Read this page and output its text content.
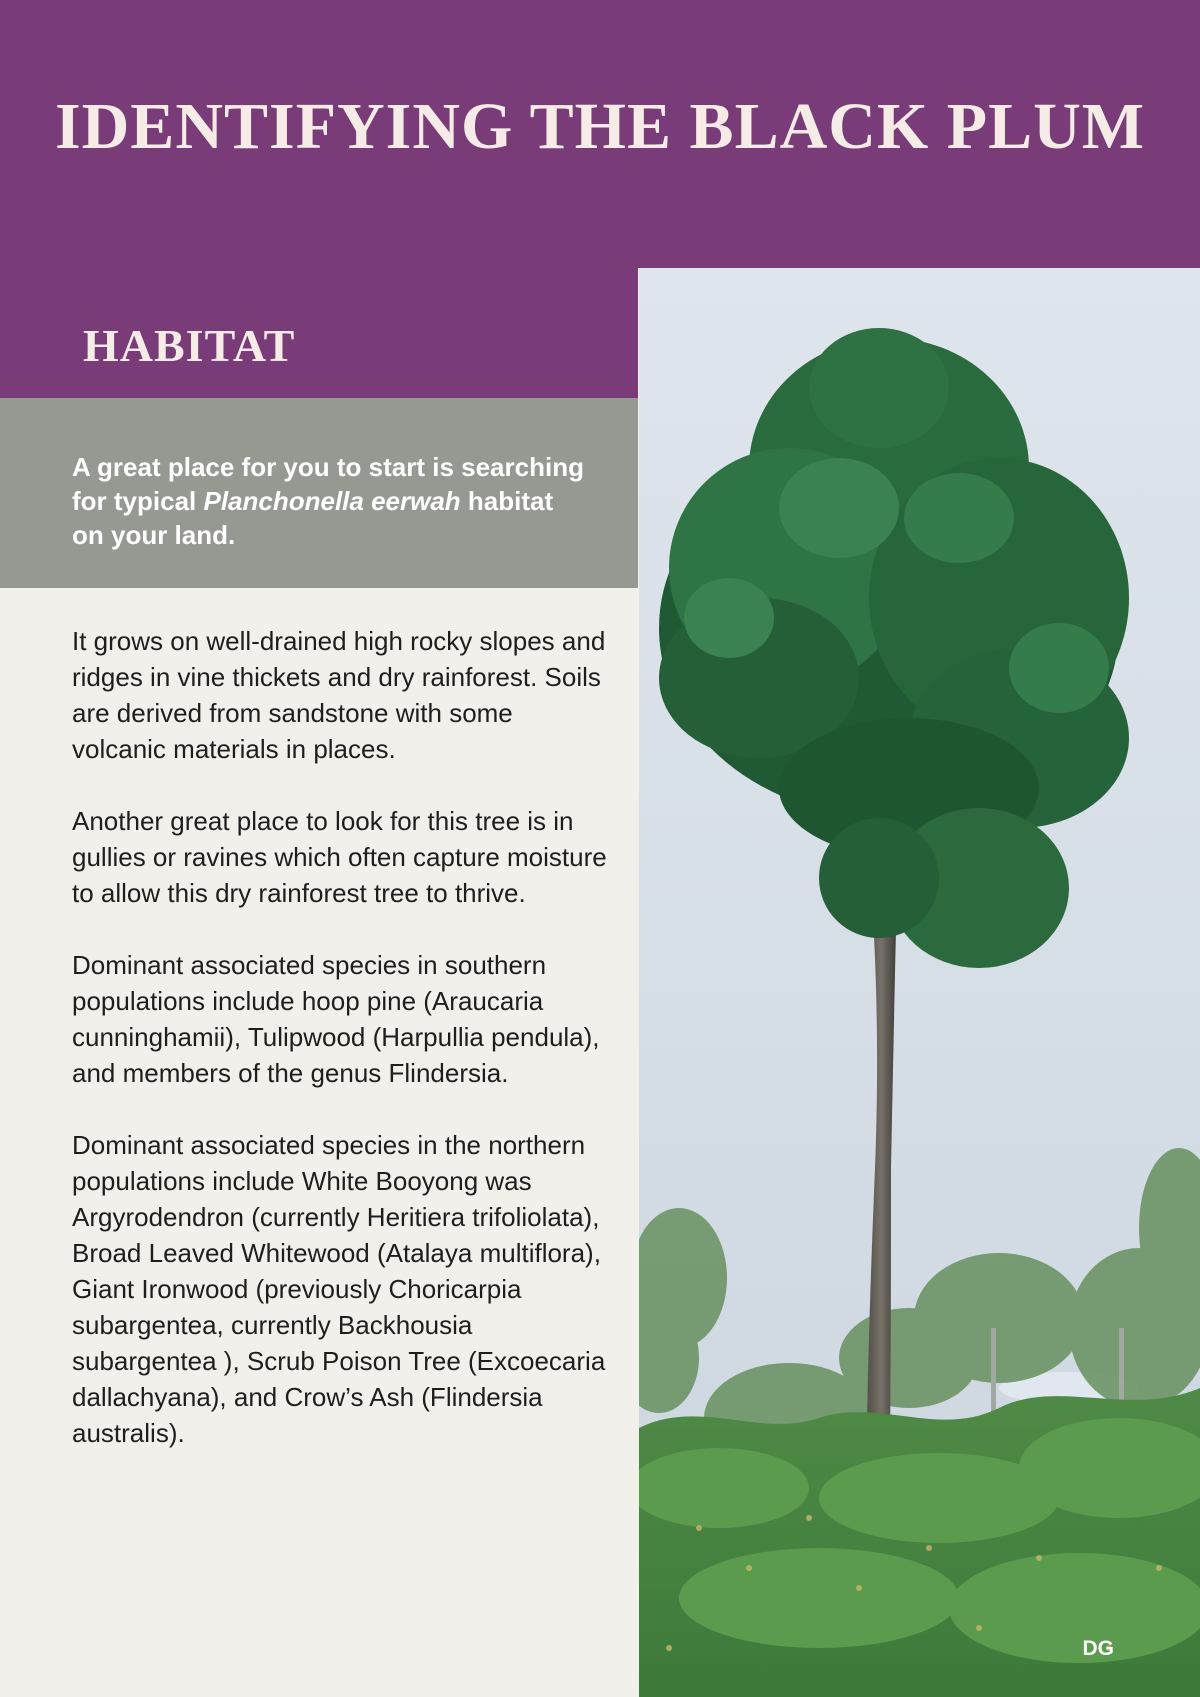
IDENTIFYING THE BLACK PLUM
HABITAT

A great place for you to start is searching for typical Planchonella eerwah habitat on your land.

It grows on well-drained high rocky slopes and ridges in vine thickets and dry rainforest. Soils are derived from sandstone with some volcanic materials in places.

Another great place to look for this tree is in gullies or ravines which often capture moisture to allow this dry rainforest tree to thrive.

Dominant associated species in southern populations include hoop pine (Araucaria cunninghamii), Tulipwood (Harpullia pendula), and members of the genus Flindersia.

Dominant associated species in the northern populations include White Booyong was Argyrodendron (currently Heritiera trifoliolata), Broad Leaved Whitewood (Atalaya multiflora), Giant Ironwood (previously Choricarpia subargentea, currently Backhousia subargentea ), Scrub Poison Tree (Excoecaria dallachyana), and Crow’s Ash (Flindersia australis).

DG
